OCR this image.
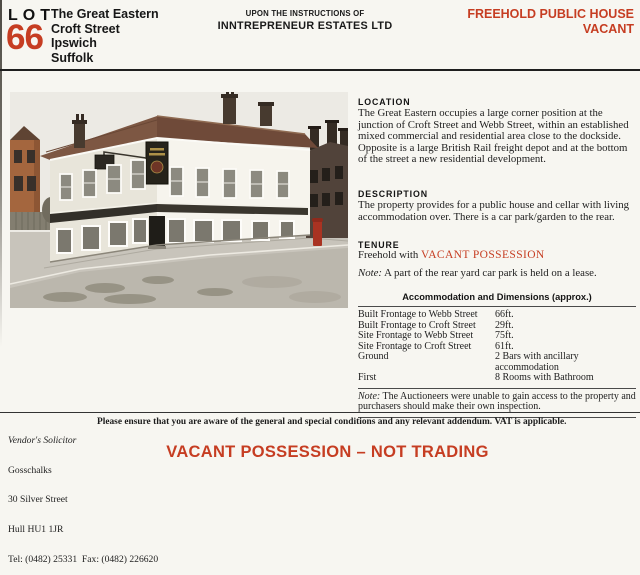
LOT
66
The Great Eastern
Croft Street
Ipswich
Suffolk
UPON THE INSTRUCTIONS OF
INNTREPRENEUR ESTATES LTD
FREEHOLD PUBLIC HOUSE
VACANT
LOCATION

The Great Eastern occupies a large corner position at the junction of Croft Street and Webb Street, within an established mixed commercial and residential area close to the dockside. Opposite is a large British Rail freight depot and at the bottom of the street a new residential development.

DESCRIPTION

The property provides for a public house and cellar with living accommodation over. There is a car park/garden to the rear.

TENURE

Freehold with VACANT POSSESSION

Note: A part of the rear yard car park is held on a lease.

Accommodation and Dimensions (approx.)
Built Frontage to Webb Street	66ft.
Built Frontage to Croft Street	29ft.
Site Frontage to Webb Street	75ft.
Site Frontage to Croft Street	61ft.
Ground	2 Bars with ancillary accommodation
First	8 Rooms with Bathroom

Note: The Auctioneers were unable to gain access to the property and purchasers should make their own inspection.

Vendor's Solicitor

Gosschalks

30 Silver Street

Hull HU1 1JR

Tel: (0482) 25331  Fax: (0482) 226620

Please ensure that you are aware of the general and special conditions and any relevant addendum. VAT is applicable.
VACANT POSSESSION – NOT TRADING
